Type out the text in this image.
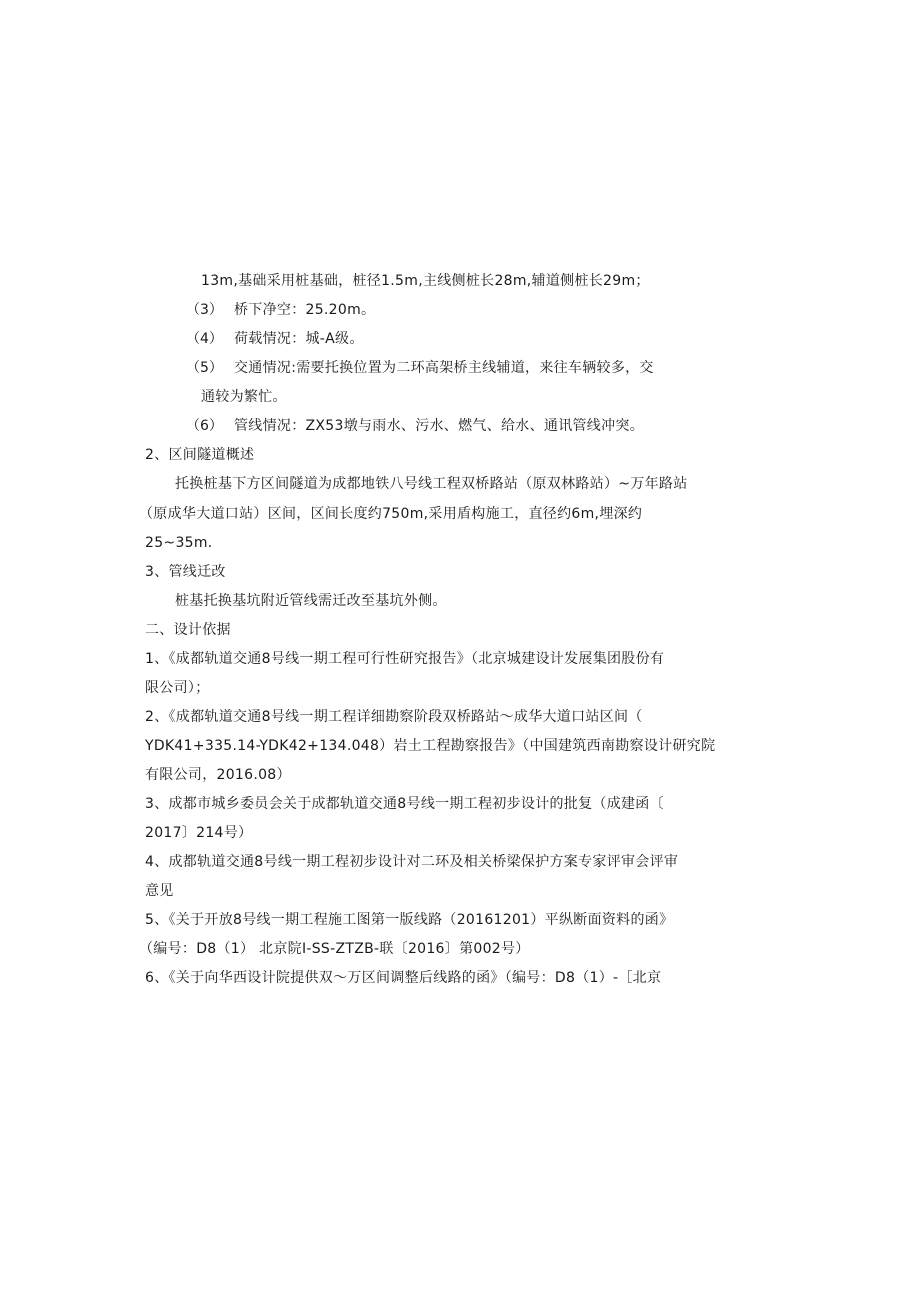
13m,基础采用桩基础，桩径1.5m,主线侧桩长28m,辅道侧桩长29m；
（3） 桥下净空：25.20m。
（4） 荷载情况：城-A级。
（5） 交通情况:需要托换位置为二环高架桥主线辅道，来往车辆较多，交
通较为繁忙。
（6） 管线情况：ZX53墩与雨水、污水、燃气、给水、通讯管线冲突。
2、区间隧道概述
托换桩基下方区间隧道为成都地铁八号线工程双桥路站（原双林路站）~万年路站
（原成华大道口站）区间，区间长度约750m,采用盾构施工，直径约6m,埋深约
25~35m.
3、管线迁改
桩基托换基坑附近管线需迁改至基坑外侧。
二、设计依据
1、《成都轨道交通8号线一期工程可行性研究报告》（北京城建设计发展集团股份有
限公司）；
2、《成都轨道交通8号线一期工程详细勘察阶段双桥路站～成华大道口站区间（
YDK41+335.14-YDK42+134.048）岩土工程勘察报告》（中国建筑西南勘察设计研究院
有限公司，2016.08）
3、成都市城乡委员会关于成都轨道交通8号线一期工程初步设计的批复（成建函〔
2017〕214号）
4、成都轨道交通8号线一期工程初步设计对二环及相关桥梁保护方案专家评审会评审
意见
5、《关于开放8号线一期工程施工图第一版线路（20161201）平纵断面资料的函》
（编号：D8（1） 北京院I-SS-ZTZB-联〔2016〕第002号）
6、《关于向华西设计院提供双～万区间调整后线路的函》（编号：D8（1）-［北京
